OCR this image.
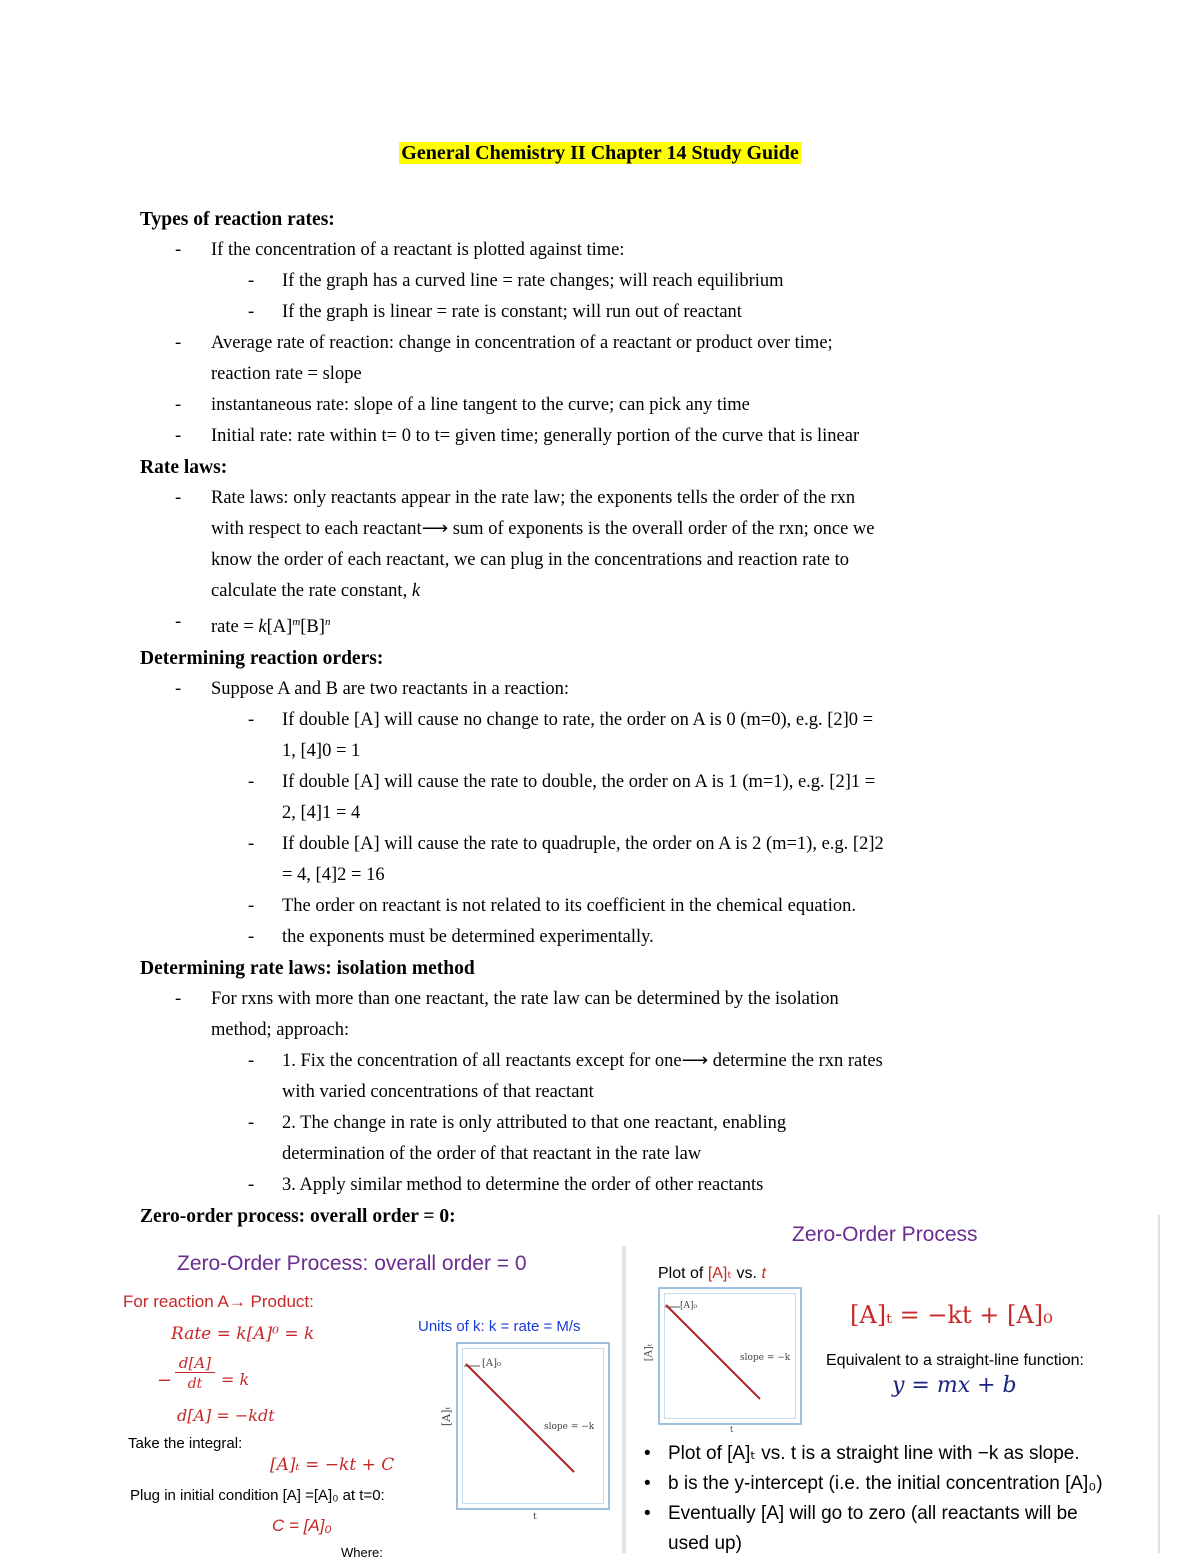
General Chemistry II Chapter 14 Study Guide
Types of reaction rates:
- If the concentration of a reactant is plotted against time:
- If the graph has a curved line = rate changes; will reach equilibrium
- If the graph is linear = rate is constant; will run out of reactant
- Average rate of reaction: change in concentration of a reactant or product over time;
reaction rate = slope
- instantaneous rate: slope of a line tangent to the curve; can pick any time
- Initial rate: rate within t= 0 to t= given time; generally portion of the curve that is linear
Rate laws:
- Rate laws: only reactants appear in the rate law; the exponents tells the order of the rxn
with respect to each reactant⟶ sum of exponents is the overall order of the rxn; once we
know the order of each reactant, we can plug in the concentrations and reaction rate to
calculate the rate constant, k
- rate = $k[A]^m[B]^n$
Determining reaction orders:
- Suppose A and B are two reactants in a reaction:
- If double [A] will cause no change to rate, the order on A is 0 (m=0), e.g. [2]0 =
1, [4]0 = 1
- If double [A] will cause the rate to double, the order on A is 1 (m=1), e.g. [2]1 =
2, [4]1 = 4
- If double [A] will cause the rate to quadruple, the order on A is 2 (m=1), e.g. [2]2
= 4, [4]2 = 16
- The order on reactant is not related to its coefficient in the chemical equation.
- the exponents must be determined experimentally.
Determining rate laws: isolation method
- For rxns with more than one reactant, the rate law can be determined by the isolation
method; approach:
- 1. Fix the concentration of all reactants except for one⟶ determine the rxn rates
with varied concentrations of that reactant
- 2. The change in rate is only attributed to that one reactant, enabling
determination of the order of that reactant in the rate law
- 3. Apply similar method to determine the order of other reactants
Zero-order process: overall order = 0:
Zero-Order Process: overall order = 0
For reaction A→ Product:
Rate = k[A]⁰ = k
−
d[A]
dt	= k
d[A] = −kdt
Take the integral:
[A]ₜ = −kt + C
Plug in initial condition [A] =[A]₀ at t=0:
C = [A]₀
Where:
Units of k: k = rate = M/s
[A]₀
slope = −k
[A]ₜ
t
Zero-Order Process
Plot of [A]ₜ vs. t
[A]₀
slope = −k
[A]ₜ
t
[A]ₜ = −kt + [A]₀
Equivalent to a straight-line function:
y = mx + b
• Plot of [A]ₜ vs. t is a straight line with −k as slope.
• b is the y-intercept (i.e. the initial concentration [A]₀)
• Eventually [A] will go to zero (all reactants will be
used up)
